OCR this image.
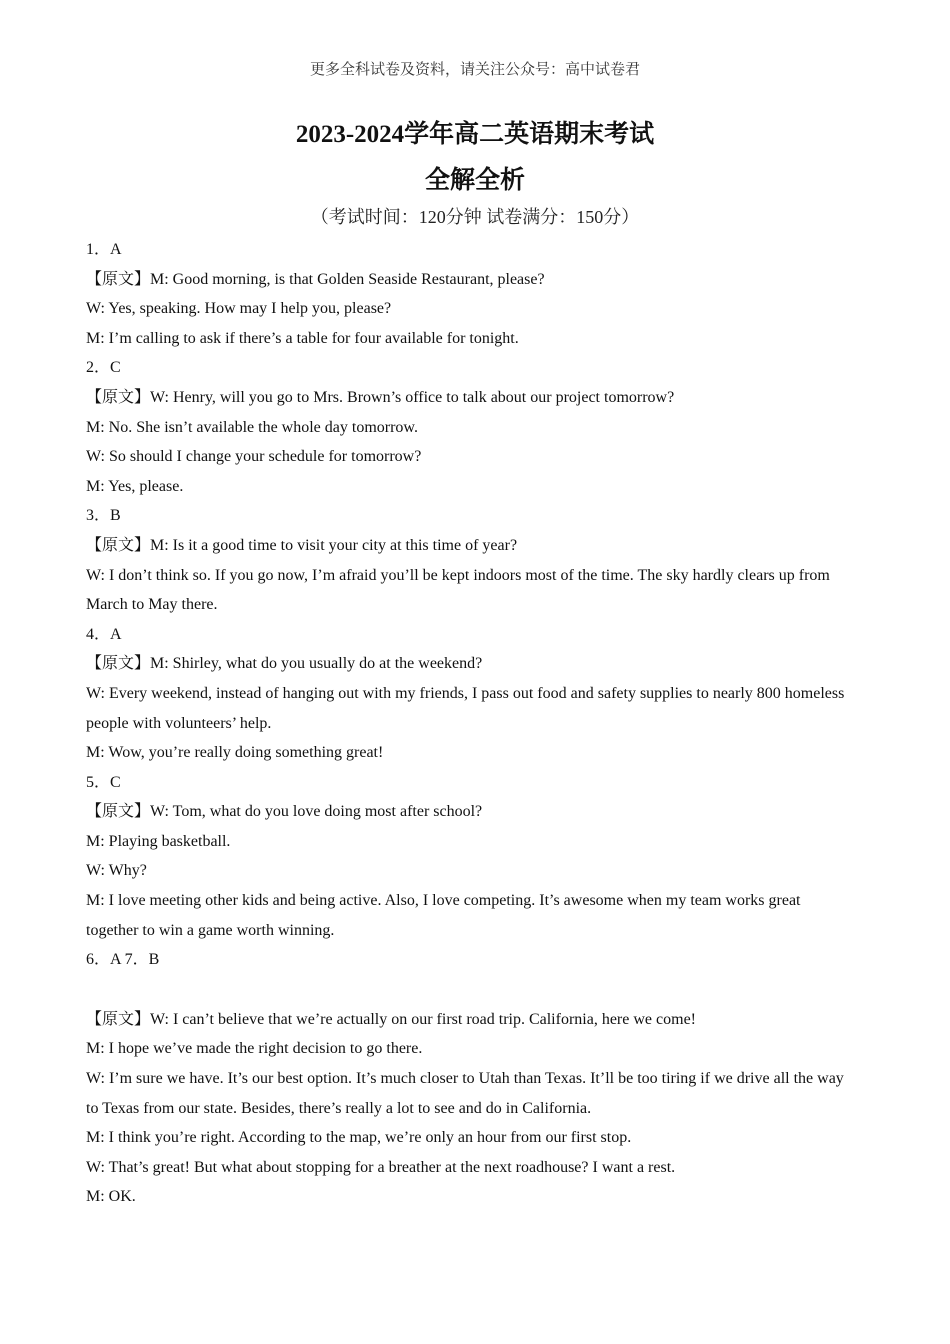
更多全科试卷及资料，请关注公众号：高中试卷君
2023-2024学年高二英语期末考试
全解全析
（考试时间：120分钟 试卷满分：150分）

1．A

【原文】M: Good morning, is that Golden Seaside Restaurant, please?

W: Yes, speaking. How may I help you, please?

M: I’m calling to ask if there’s a table for four available for tonight.

2．C

【原文】W: Henry, will you go to Mrs. Brown’s office to talk about our project tomorrow?

M: No. She isn’t available the whole day tomorrow.

W: So should I change your schedule for tomorrow?

M: Yes, please.

3．B

【原文】M: Is it a good time to visit your city at this time of year?

W: I don’t think so. If you go now, I’m afraid you’ll be kept indoors most of the time. The sky hardly clears up from March to May there.

4．A

【原文】M: Shirley, what do you usually do at the weekend?

W: Every weekend, instead of hanging out with my friends, I pass out food and safety supplies to nearly 800 homeless people with volunteers’ help.

M: Wow, you’re really doing something great!

5．C

【原文】W: Tom, what do you love doing most after school?

M: Playing basketball.

W: Why?

M: I love meeting other kids and being active. Also, I love competing. It’s awesome when my team works great together to win a game worth winning.

6．A 7．B

【原文】W: I can’t believe that we’re actually on our first road trip. California, here we come!

M: I hope we’ve made the right decision to go there.

W: I’m sure we have. It’s our best option. It’s much closer to Utah than Texas. It’ll be too tiring if we drive all the way to Texas from our state. Besides, there’s really a lot to see and do in California.

M: I think you’re right. According to the map, we’re only an hour from our first stop.

W: That’s great! But what about stopping for a breather at the next roadhouse? I want a rest.

M: OK.
